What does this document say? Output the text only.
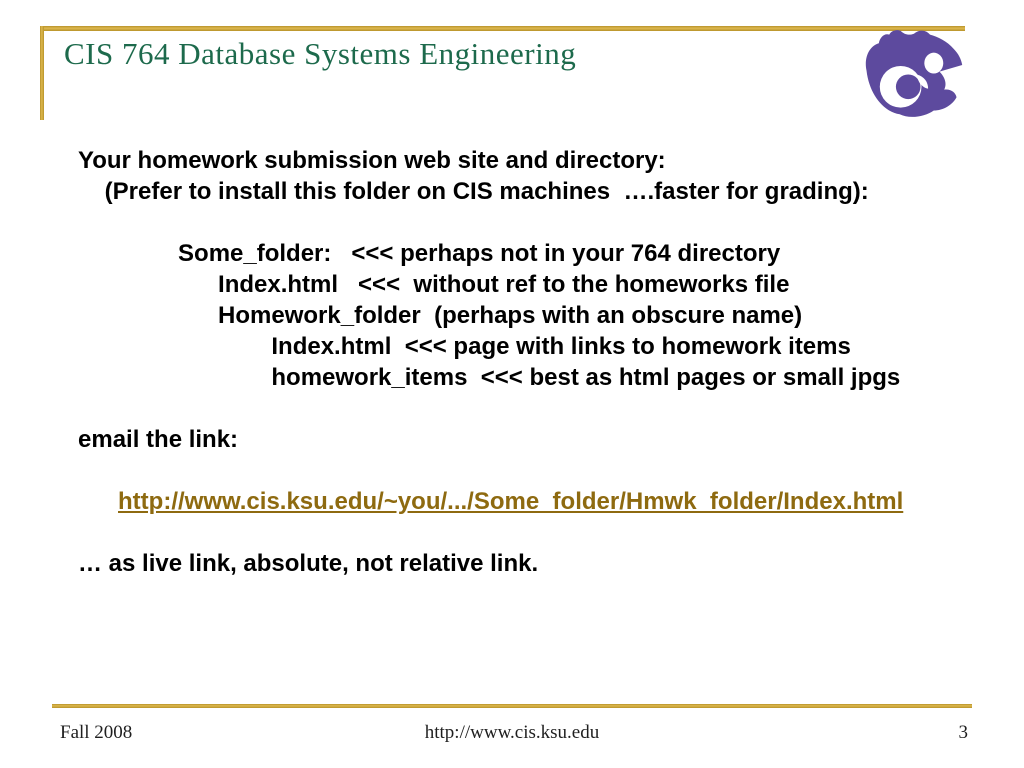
CIS 764 Database Systems Engineering
Your homework submission web site and directory:
(Prefer to install this folder on CIS machines  ….faster for grading):
Some_folder:   <<< perhaps not in your 764 directory
Index.html   <<<  without ref to the homeworks file
Homework_folder  (perhaps with an obscure name)
Index.html  <<< page with links to homework items
homework_items  <<< best as html pages or small jpgs
email the link:

http://www.cis.ksu.edu/~you/.../Some_folder/Hmwk_folder/Index.html

… as live link, absolute, not relative link.
Fall 2008	http://www.cis.ksu.edu	3
